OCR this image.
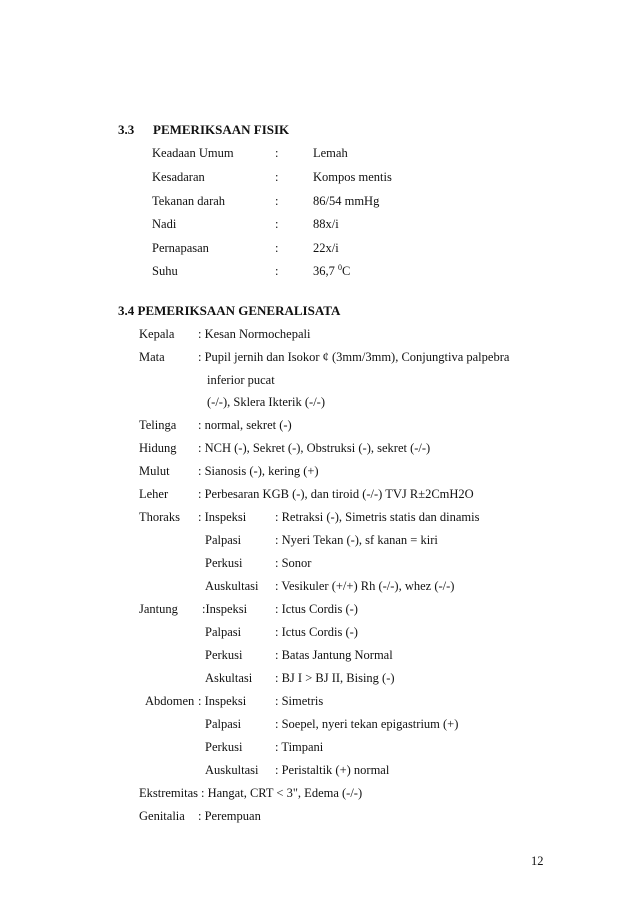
3.3 PEMERIKSAAN FISIK
Keadaan Umum	:	Lemah
Kesadaran	:	Kompos mentis
Tekanan darah	:	86/54 mmHg
Nadi	:	88x/i
Pernapasan	:	22x/i
Suhu	:	36,7 $^0$C
3.4 PEMERIKSAAN GENERALISATA
Kepala : Kesan Normochepali
Mata	: Pupil jernih dan Isokor ¢ (3mm/3mm), Conjungtiva palpebra
inferior pucat
(-/-), Sklera Ikterik (-/-)
Telinga : normal, sekret (-)
Hidung : NCH (-), Sekret (-), Obstruksi (-), sekret (-/-)
Mulut : Sianosis (-), kering (+)
Leher : Perbesaran KGB (-), dan tiroid (-/-) TVJ R±2CmH2O
Thoraks : Inspeksi : Retraksi (-), Simetris statis dan dinamis
Palpasi	: Nyeri Tekan (-), sf kanan = kiri
Perkusi	: Sonor
Auskultasi : Vesikuler (+/+) Rh (-/-), whez (-/-)
Jantung :Inspeksi : Ictus Cordis (-)
Palpasi	: Ictus Cordis (-)
Perkusi	: Batas Jantung Normal
Askultasi : BJ I > BJ II, Bising (-)
Abdomen : Inspeksi : Simetris
Palpasi	: Soepel, nyeri tekan epigastrium (+)
Perkusi	: Timpani
Auskultasi : Peristaltik (+) normal
Ekstremitas : Hangat, CRT < 3", Edema (-/-)
Genitalia : Perempuan
12
